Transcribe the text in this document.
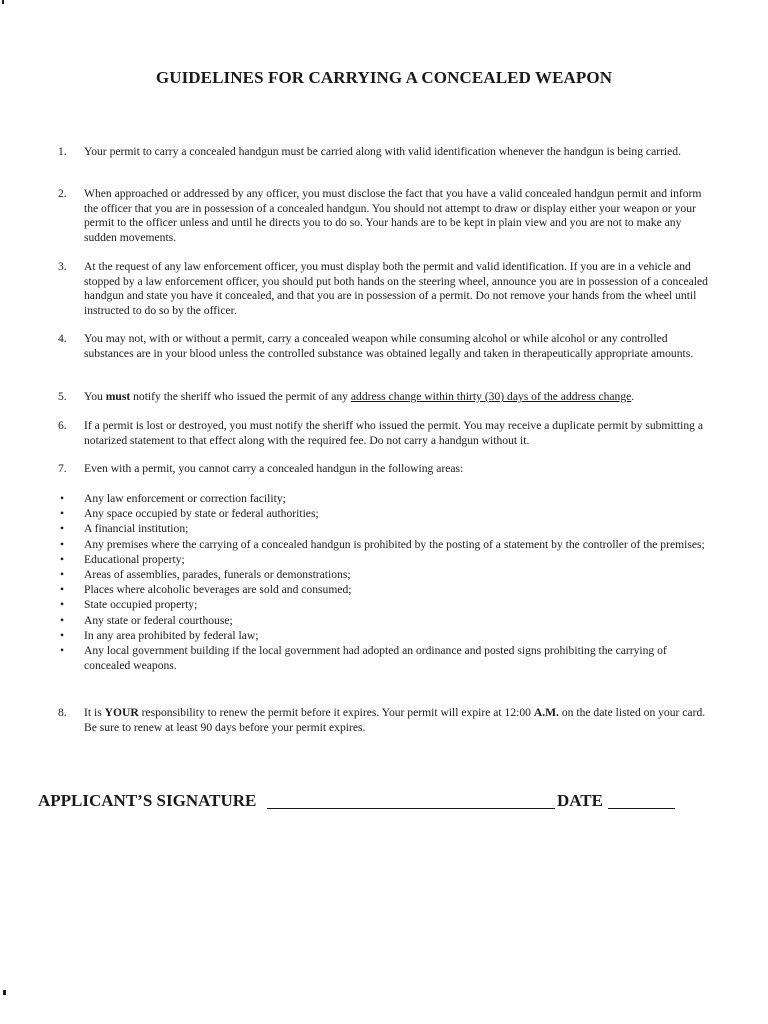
GUIDELINES FOR CARRYING A CONCEALED WEAPON
1.	Your permit to carry a concealed handgun must be carried along with valid identification whenever the handgun is being carried.
2.	When approached or addressed by any officer, you must disclose the fact that you have a valid concealed handgun permit and inform the officer that you are in possession of a concealed handgun. You should not attempt to draw or display either your weapon or your permit to the officer unless and until he directs you to do so. Your hands are to be kept in plain view and you are not to make any sudden movements.
3.	At the request of any law enforcement officer, you must display both the permit and valid identification. If you are in a vehicle and stopped by a law enforcement officer, you should put both hands on the steering wheel, announce you are in possession of a concealed handgun and state you have it concealed, and that you are in possession of a permit. Do not remove your hands from the wheel until instructed to do so by the officer.
4.	You may not, with or without a permit, carry a concealed weapon while consuming alcohol or while alcohol or any controlled substances are in your blood unless the controlled substance was obtained legally and taken in therapeutically appropriate amounts.
5.	You must notify the sheriff who issued the permit of any address change within thirty (30) days of the address change.
6.	If a permit is lost or destroyed, you must notify the sheriff who issued the permit. You may receive a duplicate permit by submitting a notarized statement to that effect along with the required fee. Do not carry a handgun without it.
7.	Even with a permit, you cannot carry a concealed handgun in the following areas:
• Any law enforcement or correction facility;
• Any space occupied by state or federal authorities;
• A financial institution;
• Any premises where the carrying of a concealed handgun is prohibited by the posting of a statement by the controller of the premises;
• Educational property;
• Areas of assemblies, parades, funerals or demonstrations;
• Places where alcoholic beverages are sold and consumed;
• State occupied property;
• Any state or federal courthouse;
• In any area prohibited by federal law;
• Any local government building if the local government had adopted an ordinance and posted signs prohibiting the carrying of concealed weapons.
8.	It is YOUR responsibility to renew the permit before it expires. Your permit will expire at 12:00 A.M. on the date listed on your card. Be sure to renew at least 90 days before your permit expires.
APPLICANT’S SIGNATURE	DATE
